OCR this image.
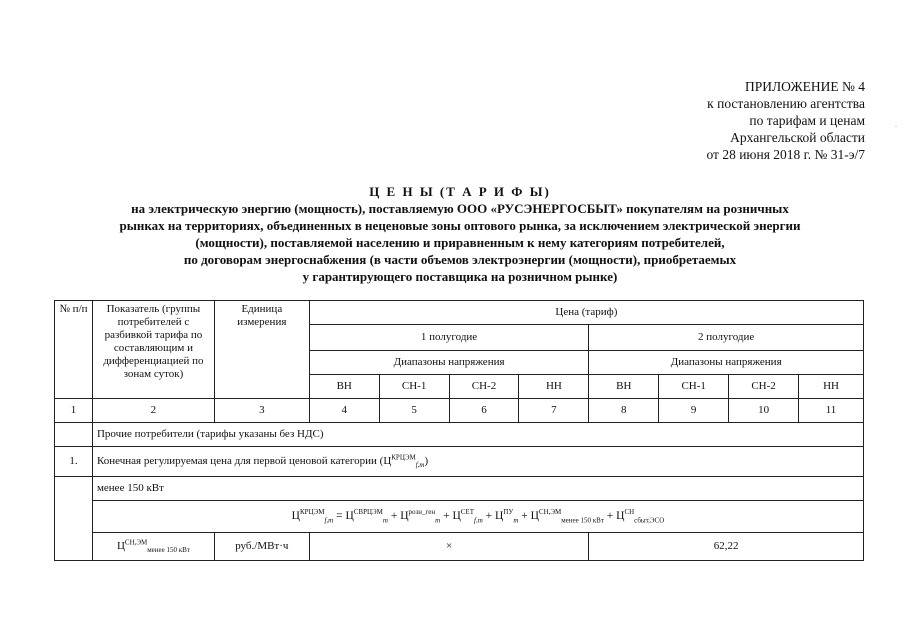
ПРИЛОЖЕНИЕ № 4
к постановлению агентства
по тарифам и ценам
Архангельской области
от 28 июня 2018 г. № 31-э/7
.
Ц Е Н Ы (Т А Р И Ф Ы)
на электрическую энергию (мощность), поставляемую ООО «РУСЭНЕРГОСБЫТ» покупателям на розничных
рынках на территориях, объединенных в неценовые зоны оптового рынка, за исключением электрической энергии
(мощности), поставляемой населению и приравненным к нему категориям потребителей,
по договорам энергоснабжения (в части объемов электроэнергии (мощности), приобретаемых
у гарантирующего поставщика на розничном рынке)
№ п/п	Показатель (группы потребителей с разбивкой тарифа по составляющим и дифференциацией по зонам суток)	Единица измерения	Цена (тариф)							
			1 полугодие				2 полугодие			
			Диапазоны напряжения				Диапазоны напряжения			
			ВН	СН-1	СН-2	НН	ВН	СН-1	СН-2	НН
1	2	3	4	5	6	7	8	9	10	11
	Прочие потребители (тарифы указаны без НДС)									
1.	Конечная регулируемая цена для первой ценовой категории $(Ц^{КРЦЭМ}_{f,m})$									
	менее 150 кВт									
	$Ц^{КРЦЭМ}_{f,m} = Ц^{СВРЦЭМ}_m + Ц^{розн\_ген}_m + Ц^{СЕТ}_{f,m} + Ц^{ПУ}_m + Ц^{СН,ЭМ}_{менее 150 кВт} + Ц^{СН}_{сбыт,ЭСО}$
	$Ц^{СН,ЭМ}_{менее 150 кВт}$	руб./МВт·ч	×				62,22			
